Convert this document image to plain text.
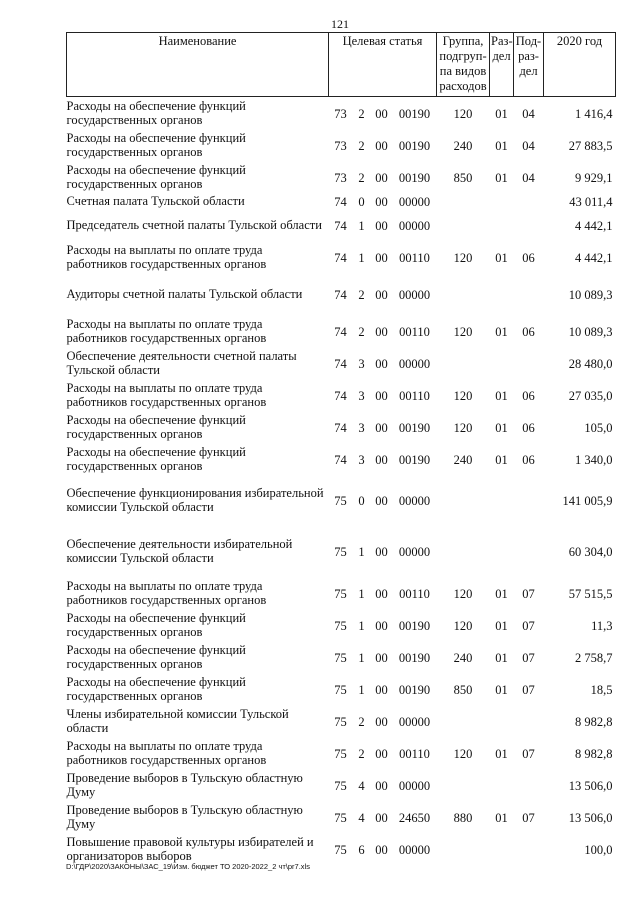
121
Наименование	Целевая статья				Группа, подгруп-па видов расходов	Раз-дел	Под-раз-дел	2020 год
Расходы на обеспечение функций государственных органов	73	2	00	00190	120	01	04	1 416,4
Расходы на обеспечение функций государственных органов	73	2	00	00190	240	01	04	27 883,5
Расходы на обеспечение функций государственных органов	73	2	00	00190	850	01	04	9 929,1
Счетная палата Тульской области	74	0	00	00000				43 011,4
Председатель счетной палаты Тульской области	74	1	00	00000				4 442,1
Расходы на выплаты по оплате труда работников государственных органов	74	1	00	00110	120	01	06	4 442,1
Аудиторы счетной палаты Тульской области	74	2	00	00000				10 089,3
Расходы на выплаты по оплате труда работников государственных органов	74	2	00	00110	120	01	06	10 089,3
Обеспечение деятельности счетной палаты Тульской области	74	3	00	00000				28 480,0
Расходы на выплаты по оплате труда работников государственных органов	74	3	00	00110	120	01	06	27 035,0
Расходы на обеспечение функций государственных органов	74	3	00	00190	120	01	06	105,0
Расходы на обеспечение функций государственных органов	74	3	00	00190	240	01	06	1 340,0
Обеспечение функционирования избирательной комиссии Тульской области	75	0	00	00000				141 005,9
Обеспечение деятельности избирательной комиссии Тульской области	75	1	00	00000				60 304,0
Расходы на выплаты по оплате труда работников государственных органов	75	1	00	00110	120	01	07	57 515,5
Расходы на обеспечение функций государственных органов	75	1	00	00190	120	01	07	11,3
Расходы на обеспечение функций государственных органов	75	1	00	00190	240	01	07	2 758,7
Расходы на обеспечение функций государственных органов	75	1	00	00190	850	01	07	18,5
Члены избирательной комиссии Тульской области	75	2	00	00000				8 982,8
Расходы на выплаты по оплате труда работников государственных органов	75	2	00	00110	120	01	07	8 982,8
Проведение выборов в Тульскую областную Думу	75	4	00	00000				13 506,0
Проведение выборов в Тульскую областную Думу	75	4	00	24650	880	01	07	13 506,0
Повышение правовой культуры избирателей и организаторов выборов	75	6	00	00000				100,0
D:\ГДР\2020\ЗАКОНЫ\ЗАС_19\Изм. бюджет ТО 2020-2022_2 чт\pr7.xls
